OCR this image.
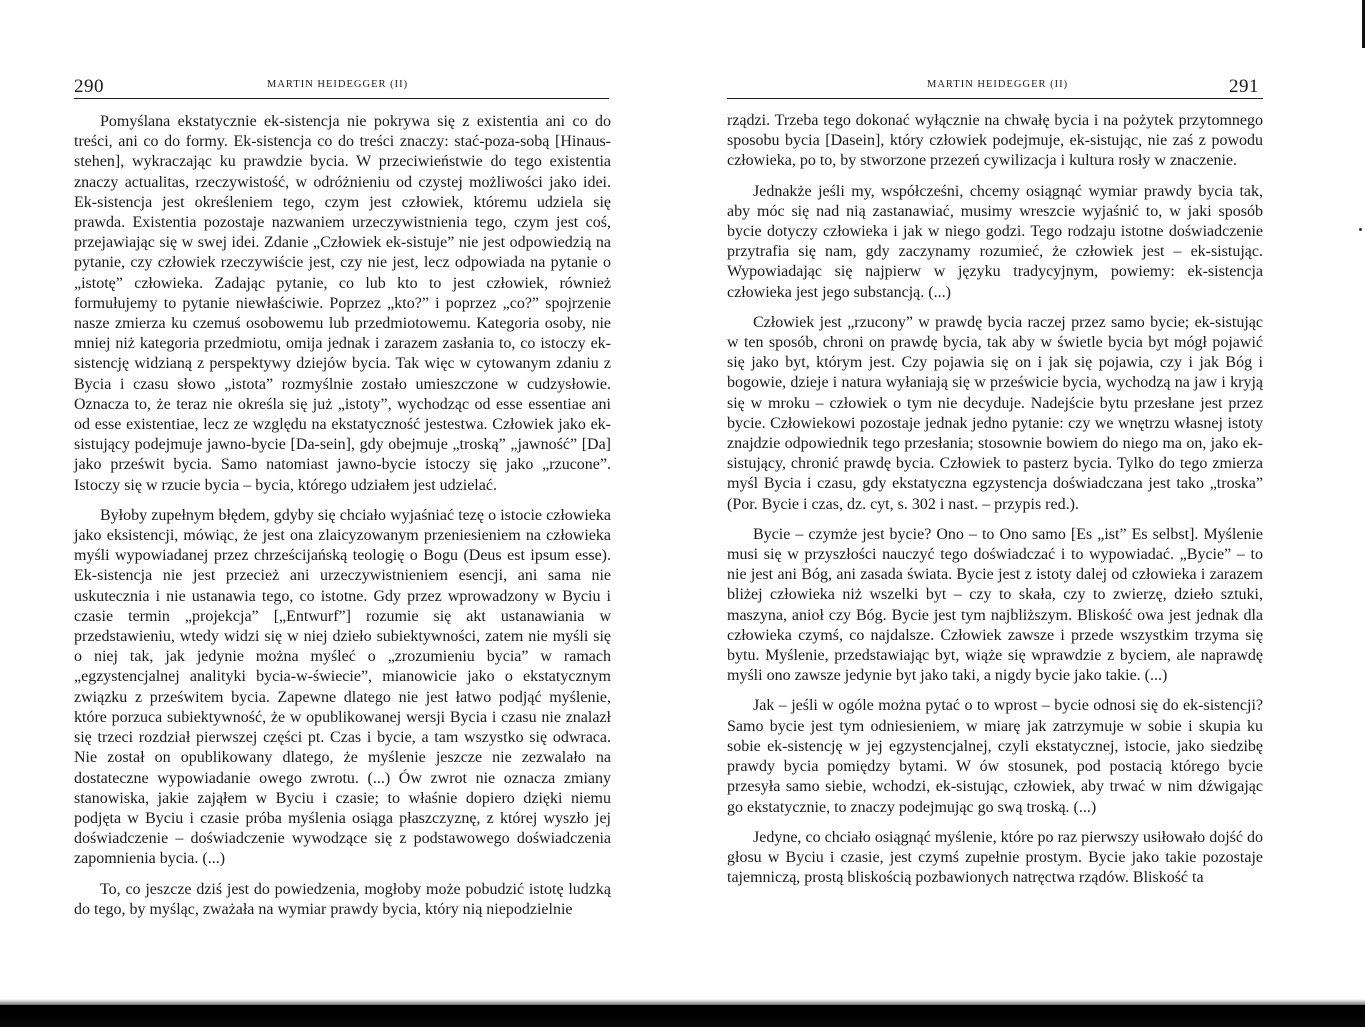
290	MARTIN HEIDEGGER (II)

Pomyślana ekstatycznie ek-sistencja nie pokrywa się z existentia ani co do treści, ani co do formy. Ek-sistencja co do treści znaczy: stać-poza-sobą [Hinaus-stehen], wykraczając ku prawdzie bycia. W przeciwieństwie do tego existentia znaczy actualitas, rzeczywistość, w odróżnieniu od czystej możliwości jako idei. Ek-sistencja jest określeniem tego, czym jest człowiek, któremu udziela się prawda. Existentia pozostaje nazwaniem urzeczywistnienia tego, czym jest coś, przejawiając się w swej idei. Zdanie „Człowiek ek-sistuje” nie jest odpowiedzią na pytanie, czy człowiek rzeczywiście jest, czy nie jest, lecz odpowiada na pytanie o „istotę” człowieka. Zadając pytanie, co lub kto to jest człowiek, również formułujemy to pytanie niewłaściwie. Poprzez „kto?” i poprzez „co?” spojrzenie nasze zmierza ku czemuś osobowemu lub przedmiotowemu. Kategoria osoby, nie mniej niż kategoria przedmiotu, omija jednak i zarazem zasłania to, co istoczy ek-sistencję widzianą z perspektywy dziejów bycia. Tak więc w cytowanym zdaniu z Bycia i czasu słowo „istota” rozmyślnie zostało umieszczone w cudzysłowie. Oznacza to, że teraz nie określa się już „istoty”, wychodząc od esse essentiae ani od esse existentiae, lecz ze względu na ekstatyczność jestestwa. Człowiek jako ek-sistujący podejmuje jawno-bycie [Da-sein], gdy obejmuje „troską” „jawność” [Da] jako prześwit bycia. Samo natomiast jawno-bycie istoczy się jako „rzucone”. Istoczy się w rzucie bycia – bycia, którego udziałem jest udzielać.

Byłoby zupełnym błędem, gdyby się chciało wyjaśniać tezę o istocie człowieka jako eksistencji, mówiąc, że jest ona zlaicyzowanym przeniesieniem na człowieka myśli wypowiadanej przez chrześcijańską teologię o Bogu (Deus est ipsum esse). Ek-sistencja nie jest przecież ani urzeczywistnieniem esencji, ani sama nie uskutecznia i nie ustanawia tego, co istotne. Gdy przez wprowadzony w Byciu i czasie termin „projekcja” [„Entwurf”] rozumie się akt ustanawiania w przedstawieniu, wtedy widzi się w niej dzieło subiektywności, zatem nie myśli się o niej tak, jak jedynie można myśleć o „zrozumieniu bycia” w ramach „egzystencjalnej analityki bycia-w-świecie”, mianowicie jako o ekstatycznym związku z prześwitem bycia. Zapewne dlatego nie jest łatwo podjąć myślenie, które porzuca subiektywność, że w opublikowanej wersji Bycia i czasu nie znalazł się trzeci rozdział pierwszej części pt. Czas i bycie, a tam wszystko się odwraca. Nie został on opublikowany dlatego, że myślenie jeszcze nie zezwalało na dostateczne wypowiadanie owego zwrotu. (...) Ów zwrot nie oznacza zmiany stanowiska, jakie zająłem w Byciu i czasie; to właśnie dopiero dzięki niemu podjęta w Byciu i czasie próba myślenia osiąga płaszczyznę, z której wyszło jej doświadczenie – doświadczenie wywodzące się z podstawowego doświadczenia zapomnienia bycia. (...)

To, co jeszcze dziś jest do powiedzenia, mogłoby może pobudzić istotę ludzką do tego, by myśląc, zważała na wymiar prawdy bycia, który nią niepodzielnie

MARTIN HEIDEGGER (II)	291

rządzi. Trzeba tego dokonać wyłącznie na chwałę bycia i na pożytek przytomnego sposobu bycia [Dasein], który człowiek podejmuje, ek-sistując, nie zaś z powodu człowieka, po to, by stworzone przezeń cywilizacja i kultura rosły w znaczenie.

Jednakże jeśli my, współcześni, chcemy osiągnąć wymiar prawdy bycia tak, aby móc się nad nią zastanawiać, musimy wreszcie wyjaśnić to, w jaki sposób bycie dotyczy człowieka i jak w niego godzi. Tego rodzaju istotne doświadczenie przytrafia się nam, gdy zaczynamy rozumieć, że człowiek jest – ek-sistując. Wypowiadając się najpierw w języku tradycyjnym, powiemy: ek-sistencja człowieka jest jego substancją. (...)

Człowiek jest „rzucony” w prawdę bycia raczej przez samo bycie; ek-sistując w ten sposób, chroni on prawdę bycia, tak aby w świetle bycia byt mógł pojawić się jako byt, którym jest. Czy pojawia się on i jak się pojawia, czy i jak Bóg i bogowie, dzieje i natura wyłaniają się w prześwicie bycia, wychodzą na jaw i kryją się w mroku – człowiek o tym nie decyduje. Nadejście bytu przesłane jest przez bycie. Człowiekowi pozostaje jednak jedno pytanie: czy we wnętrzu własnej istoty znajdzie odpowiednik tego przesłania; stosownie bowiem do niego ma on, jako ek-sistujący, chronić prawdę bycia. Człowiek to pasterz bycia. Tylko do tego zmierza myśl Bycia i czasu, gdy ekstatyczna egzystencja doświadczana jest tako „troska” (Por. Bycie i czas, dz. cyt, s. 302 i nast. – przypis red.).

Bycie – czymże jest bycie? Ono – to Ono samo [Es „ist” Es selbst]. Myślenie musi się w przyszłości nauczyć tego doświadczać i to wypowiadać. „Bycie” – to nie jest ani Bóg, ani zasada świata. Bycie jest z istoty dalej od człowieka i zarazem bliżej człowieka niż wszelki byt – czy to skała, czy to zwierzę, dzieło sztuki, maszyna, anioł czy Bóg. Bycie jest tym najbliższym. Bliskość owa jest jednak dla człowieka czymś, co najdalsze. Człowiek zawsze i przede wszystkim trzyma się bytu. Myślenie, przedstawiając byt, wiąże się wprawdzie z byciem, ale naprawdę myśli ono zawsze jedynie byt jako taki, a nigdy bycie jako takie. (...)

Jak – jeśli w ogóle można pytać o to wprost – bycie odnosi się do ek-sistencji? Samo bycie jest tym odniesieniem, w miarę jak zatrzymuje w sobie i skupia ku sobie ek-sistencję w jej egzystencjalnej, czyli ekstatycznej, istocie, jako siedzibę prawdy bycia pomiędzy bytami. W ów stosunek, pod postacią którego bycie przesyła samo siebie, wchodzi, ek-sistując, człowiek, aby trwać w nim dźwigając go ekstatycznie, to znaczy podejmując go swą troską. (...)

Jedyne, co chciało osiągnąć myślenie, które po raz pierwszy usiłowało dojść do głosu w Byciu i czasie, jest czymś zupełnie prostym. Bycie jako takie pozostaje tajemniczą, prostą bliskością pozbawionych natręctwa rządów. Bliskość ta
